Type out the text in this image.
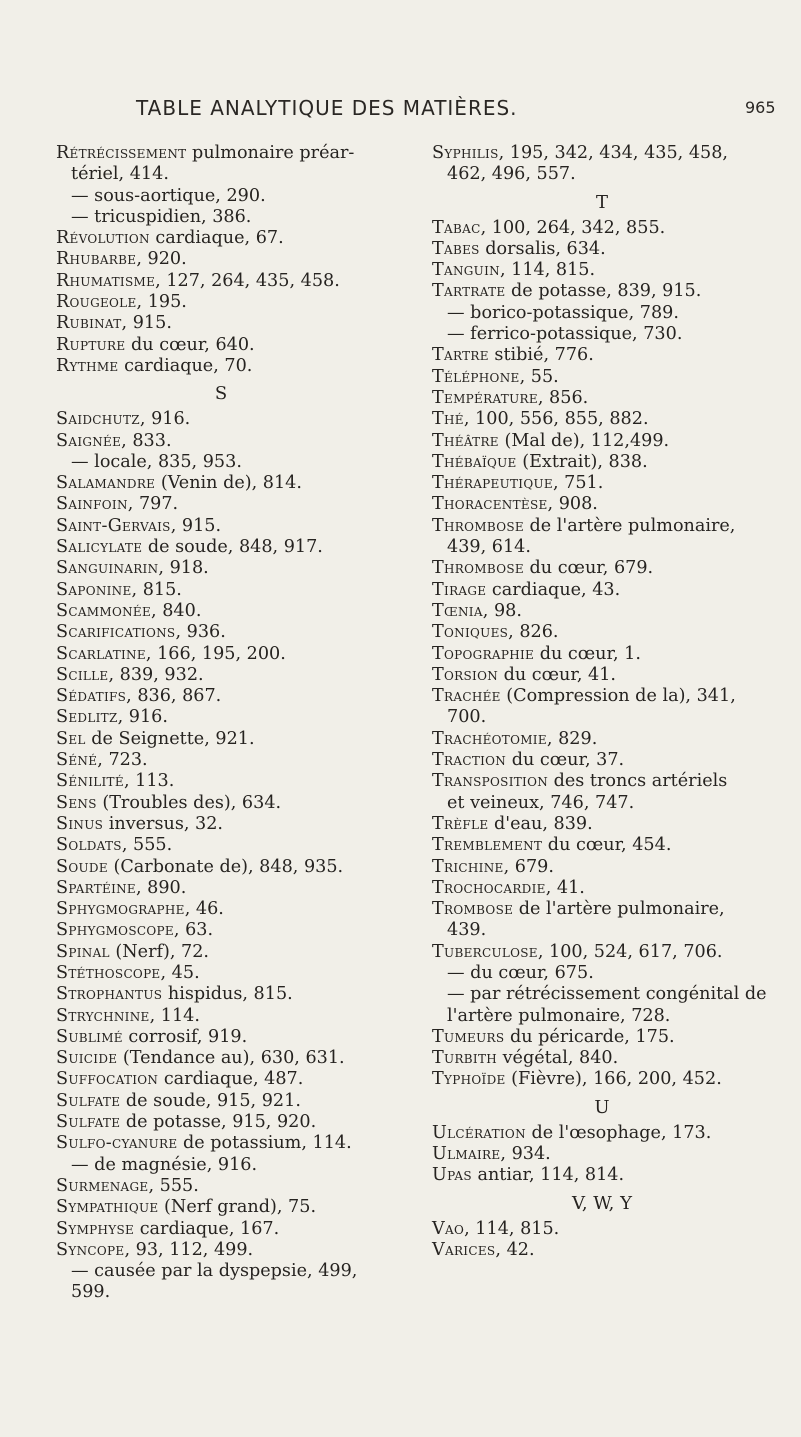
TABLE ANALYTIQUE DES MATIÈRES.	965
Rétrécissement pulmonaire préar-
tériel, 414.
— sous-aortique, 290.
— tricuspidien, 386.
Révolution cardiaque, 67.
Rhubarbe, 920.
Rhumatisme, 127, 264, 435, 458.
Rougeole, 195.
Rubinat, 915.
Rupture du cœur, 640.
Rythme cardiaque, 70.
S
Saidchutz, 916.
Saignée, 833.
— locale, 835, 953.
Salamandre (Venin de), 814.
Sainfoin, 797.
Saint-Gervais, 915.
Salicylate de soude, 848, 917.
Sanguinarin, 918.
Saponine, 815.
Scammonée, 840.
Scarifications, 936.
Scarlatine, 166, 195, 200.
Scille, 839, 932.
Sédatifs, 836, 867.
Sedlitz, 916.
Sel de Seignette, 921.
Séné, 723.
Sénilité, 113.
Sens (Troubles des), 634.
Sinus inversus, 32.
Soldats, 555.
Soude (Carbonate de), 848, 935.
Spartéine, 890.
Sphygmographe, 46.
Sphygmoscope, 63.
Spinal (Nerf), 72.
Stéthoscope, 45.
Strophantus hispidus, 815.
Strychnine, 114.
Sublimé corrosif, 919.
Suicide (Tendance au), 630, 631.
Suffocation cardiaque, 487.
Sulfate de soude, 915, 921.
Sulfate de potasse, 915, 920.
Sulfo-cyanure de potassium, 114.
— de magnésie, 916.
Surmenage, 555.
Sympathique (Nerf grand), 75.
Symphyse cardiaque, 167.
Syncope, 93, 112, 499.
— causée par la dyspepsie, 499,
599.
Syphilis, 195, 342, 434, 435, 458,
462, 496, 557.
T
Tabac, 100, 264, 342, 855.
Tabes dorsalis, 634.
Tanguin, 114, 815.
Tartrate de potasse, 839, 915.
— borico-potassique, 789.
— ferrico-potassique, 730.
Tartre stibié, 776.
Téléphone, 55.
Température, 856.
Thé, 100, 556, 855, 882.
Théâtre (Mal de), 112,499.
Thébaïque (Extrait), 838.
Thérapeutique, 751.
Thoracentèse, 908.
Thrombose de l'artère pulmonaire,
439, 614.
Thrombose du cœur, 679.
Tirage cardiaque, 43.
Tœnia, 98.
Toniques, 826.
Topographie du cœur, 1.
Torsion du cœur, 41.
Trachée (Compression de la), 341,
700.
Trachéotomie, 829.
Traction du cœur, 37.
Transposition des troncs artériels
et veineux, 746, 747.
Trèfle d'eau, 839.
Tremblement du cœur, 454.
Trichine, 679.
Trochocardie, 41.
Trombose de l'artère pulmonaire,
439.
Tuberculose, 100, 524, 617, 706.
— du cœur, 675.
— par rétrécissement congénital de
l'artère pulmonaire, 728.
Tumeurs du péricarde, 175.
Turbith végétal, 840.
Typhoïde (Fièvre), 166, 200, 452.
U
Ulcération de l'œsophage, 173.
Ulmaire, 934.
Upas antiar, 114, 814.
V, W, Y
Vao, 114, 815.
Varices, 42.
